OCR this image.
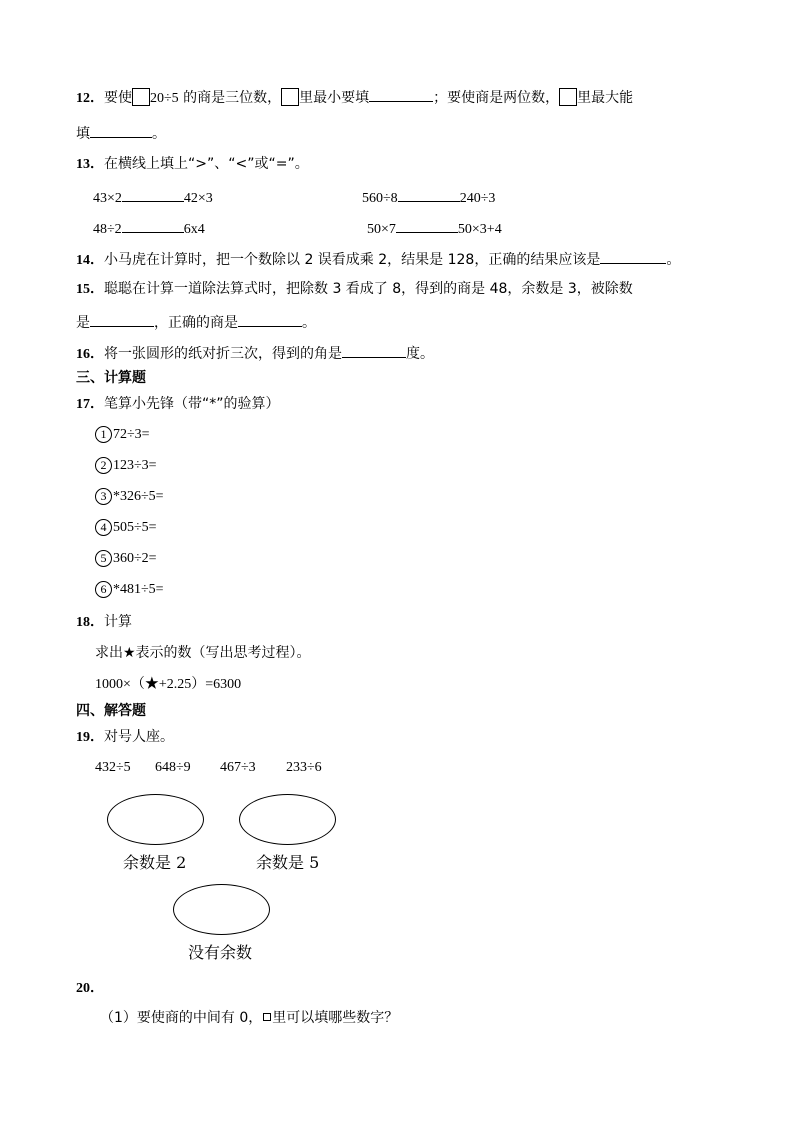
12．要使 20÷5 的商是三位数， 里最小要填	；要使商是两位数， 里最大能
填	。
13．在横线上填上“>”、“<”或“=”。
43×2	42×3	560÷8	240÷3
48÷2	6x4	50×7	50×3+4
14．小马虎在计算时，把一个数除以 2 误看成乘 2，结果是 128，正确的结果应该是	。
15．聪聪在计算一道除法算式时，把除数 3 看成了 8，得到的商是 48，余数是 3，被除数
是	，正确的商是	。
16．将一张圆形的纸对折三次，得到的角是	度。
三、计算题
17．笔算小先锋（带“*”的验算）
1 72÷3=
2 123÷3=
3 *326÷5=
4 505÷5=
5 360÷2=
6 *481÷5=
18．计算
求出★表示的数（写出思考过程）。
1000×（★+2.25）=6300
四、解答题
19．对号人座。
432÷5 648÷9 467÷3 233÷6
余数是 2	余数是 5
没有余数
20．
（1）要使商的中间有 0， 里可以填哪些数字？
